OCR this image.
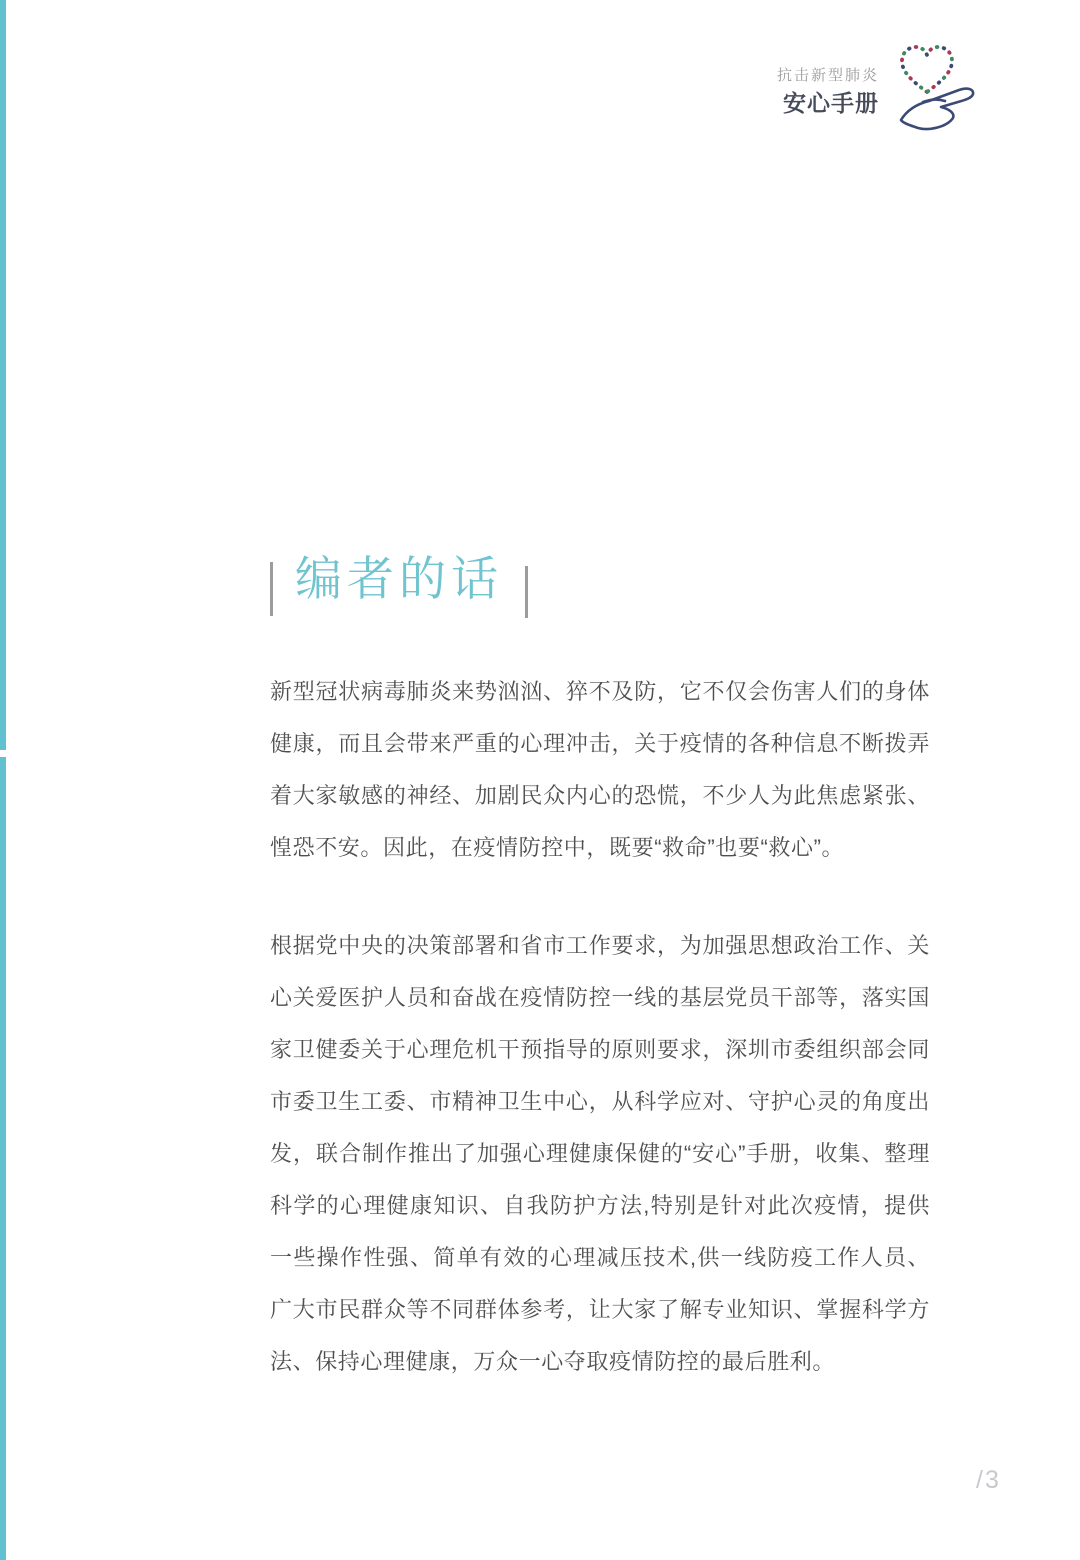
抗击新型肺炎
安心手册
编者的话

新型冠状病毒肺炎来势汹汹、猝不及防，它不仅会伤害人们的身体健康，而且会带来严重的心理冲击，关于疫情的各种信息不断拨弄着大家敏感的神经、加剧民众内心的恐慌，不少人为此焦虑紧张、惶恐不安。因此，在疫情防控中，既要“救命”也要“救心”。

根据党中央的决策部署和省市工作要求，为加强思想政治工作、关心关爱医护人员和奋战在疫情防控一线的基层党员干部等，落实国家卫健委关于心理危机干预指导的原则要求，深圳市委组织部会同市委卫生工委、市精神卫生中心，从科学应对、守护心灵的角度出发，联合制作推出了加强心理健康保健的“安心”手册，收集、整理科学的心理健康知识、自我防护方法,特别是针对此次疫情，提供一些操作性强、简单有效的心理减压技术,供一线防疫工作人员、广大市民群众等不同群体参考，让大家了解专业知识、掌握科学方法、保持心理健康，万众一心夺取疫情防控的最后胜利。

/3
